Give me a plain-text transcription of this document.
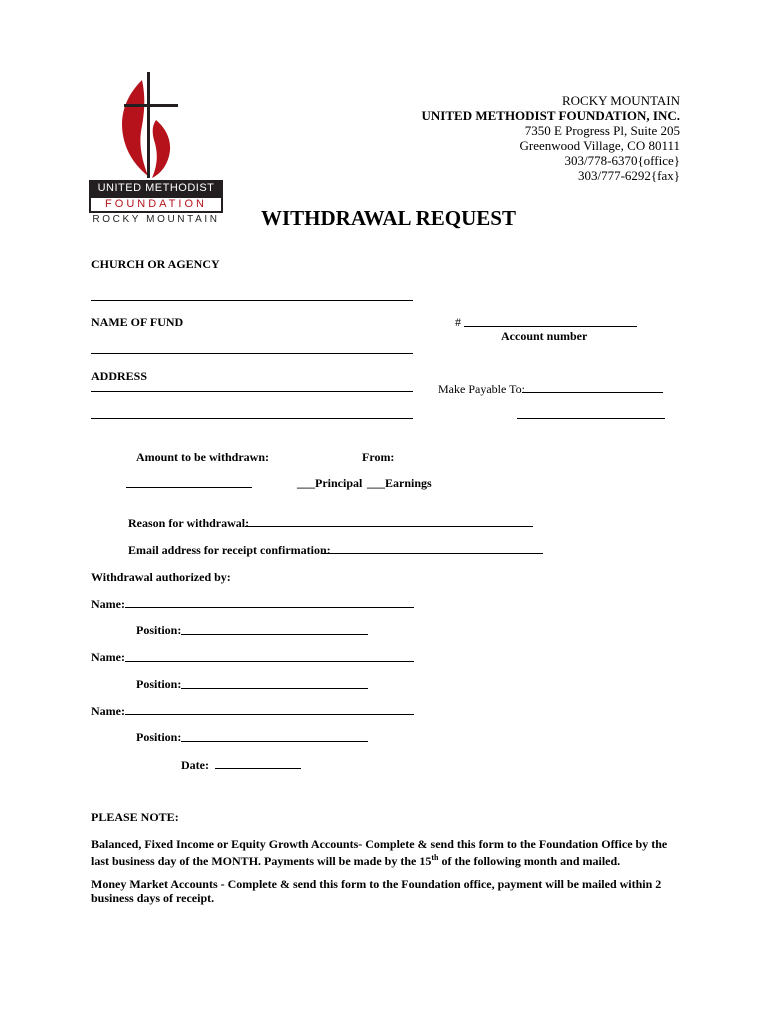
UNITED METHODIST
FOUNDATION
ROCKY MOUNTAIN
ROCKY MOUNTAIN
UNITED METHODIST FOUNDATION, INC.
7350 E Progress Pl, Suite 205
Greenwood Village, CO 80111
303/778-6370{office}
303/777-6292{fax}
WITHDRAWAL REQUEST
CHURCH OR AGENCY
NAME OF FUND	#
Account number
ADDRESS
Make Payable To:
Amount to be withdrawn:	From:
___Principal ___Earnings
Reason for withdrawal:
Email address for receipt confirmation:
Withdrawal authorized by:
Name:
Position:
Name:
Position:
Name:
Position:
Date:
PLEASE NOTE:
Balanced, Fixed Income or Equity Growth Accounts- Complete & send this form to the Foundation Office by the last business day of the MONTH. Payments will be made by the 15th of the following month and mailed.
Money Market Accounts - Complete & send this form to the Foundation office, payment will be mailed within 2 business days of receipt.
